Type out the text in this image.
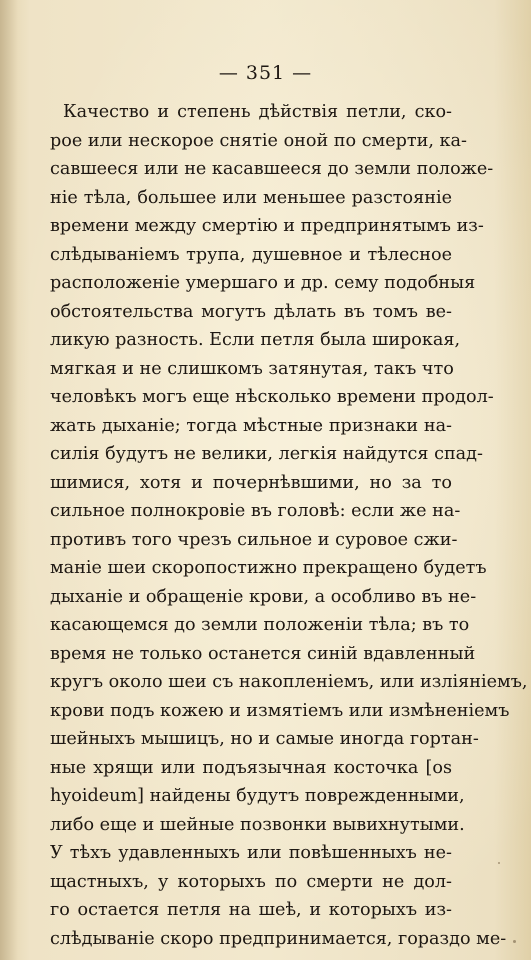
— 351 —
Качество и степень дѣйствія петли, ско-
рое или нескорое снятіе оной по смерти, ка-
савшееся или не касавшееся до земли положе-
ніе тѣла, большее или меньшее разстояніе
времени между смертію и предпринятымъ из-
слѣдываніемъ трупа, душевное и тѣлесное
расположеніе умершаго и др. сему подобныя
обстоятельства могутъ дѣлать въ томъ ве-
ликую разность. Если петля была широкая,
мягкая и не слишкомъ затянутая, такъ что
человѣкъ могъ еще нѣсколько времени продол-
жать дыханіе; тогда мѣстные признаки на-
силія будутъ не велики, легкія найдутся спад-
шимися, хотя и почернѣвшими, но за то
сильное полнокровіе въ головѣ: если же на-
противъ того чрезъ сильное и суровое сжи-
маніе шеи скоропостижно прекращено будетъ
дыханіе и обращеніе крови, а особливо въ не-
касающемся до земли положеніи тѣла; въ то
время не только останется синій вдавленный
кругъ около шеи съ накопленіемъ, или изліяніемъ,
крови подъ кожею и измятіемъ или измѣненіемъ
шейныхъ мышицъ, но и самые иногда гортан-
ные хрящи или подъязычная косточка [os
hyoideum] найдены будутъ поврежденными,
либо еще и шейные позвонки вывихнутыми.
У тѣхъ удавленныхъ или повѣшенныхъ не-
щастныхъ, у которыхъ по смерти не дол-
го остается петля на шеѣ, и которыхъ из-
слѣдываніе скоро предпринимается, гораздо ме-
